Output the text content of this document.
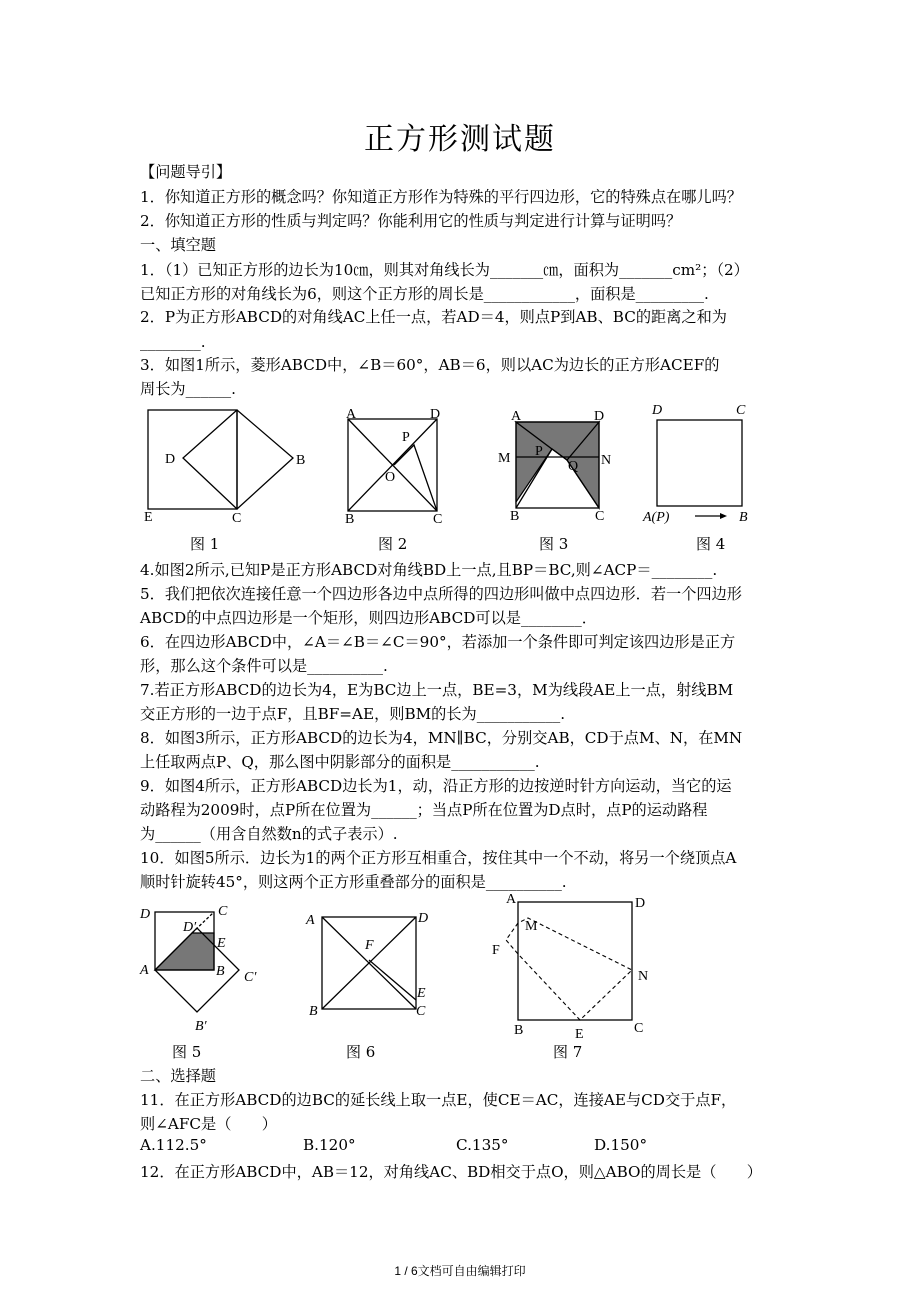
正方形测试题
【问题导引】
1．你知道正方形的概念吗？你知道正方形作为特殊的平行四边形，它的特殊点在哪儿吗？
2．你知道正方形的性质与判定吗？你能利用它的性质与判定进行计算与证明吗？
一、填空题
1．（1）已知正方形的边长为10㎝，则其对角线长为_______㎝，面积为_______cm²；（2）
已知正方形的对角线长为6，则这个正方形的周长是____________，面积是_________.
2．P为正方形ABCD的对角线AC上任一点，若AD＝4，则点P到AB、BC的距离之和为
________.
3．如图1所示，菱形ABCD中，∠B＝60°，AB＝6，则以AC为边长的正方形ACEF的
周长为______.
D	B
E	C
A	D
P
O
B	C
A	D
M P
Q N
B	C
D	C
A(P)	B
图 1	图 2	图 3	图 4
4.如图2所示,已知P是正方形ABCD对角线BD上一点,且BP＝BC,则∠ACP＝________.
5．我们把依次连接任意一个四边形各边中点所得的四边形叫做中点四边形．若一个四边形
ABCD的中点四边形是一个矩形，则四边形ABCD可以是________．
6．在四边形ABCD中，∠A＝∠B＝∠C＝90°，若添加一个条件即可判定该四边形是正方
形，那么这个条件可以是__________.
7.若正方形ABCD的边长为4，E为BC边上一点，BE=3，M为线段AE上一点，射线BM
交正方形的一边于点F，且BF=AE，则BM的长为___________.
8．如图3所示，正方形ABCD的边长为4，MN∥BC，分别交AB，CD于点M、N，在MN
上任取两点P、Q，那么图中阴影部分的面积是___________.
9．如图4所示，正方形ABCD边长为1，动，沿正方形的边按逆时针方向运动，当它的运
动路程为2009时，点P所在位置为______；当点P所在位置为D点时，点P的运动路程
为______（用含自然数n的式子表示）.
10．如图5所示．边长为1的两个正方形互相重合，按住其中一个不动，将另一个绕顶点A
顺时针旋转45°，则这两个正方形重叠部分的面积是__________.
D	C
D′
E
A	B C′
B′
A	D
F
E
B	C
A	D
M
F
N
B	E	C
图 5	图 6	图 7
二、选择题
11．在正方形ABCD的边BC的延长线上取一点E，使CE＝AC，连接AE与CD交于点F，
则∠AFC是（　　）
A.112.5°	B.120°	C.135°	D.150°
12．在正方形ABCD中，AB＝12，对角线AC、BD相交于点O，则△ABO的周长是（　　）
1 / 6文档可自由编辑打印
